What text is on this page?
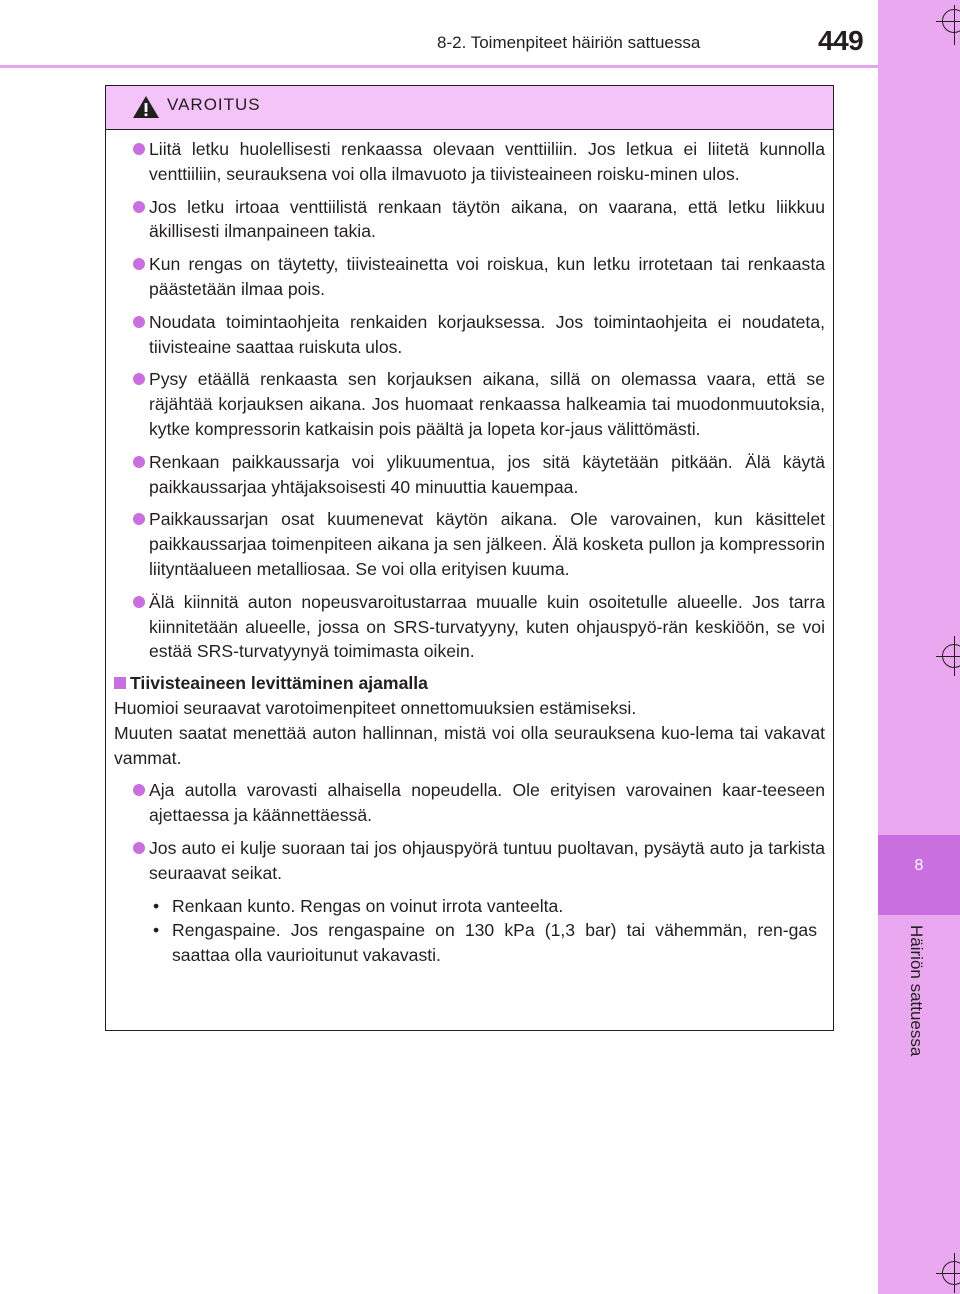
8
Häiriön sattuessa
8-2. Toimenpiteet häiriön sattuessa	449
VAROITUS
Liitä letku huolellisesti renkaassa olevaan venttiiliin. Jos letkua ei liitetä kunnolla venttiiliin, seurauksena voi olla ilmavuoto ja tiivisteaineen roisku-minen ulos.
Jos letku irtoaa venttiilistä renkaan täytön aikana, on vaarana, että letku liikkuu äkillisesti ilmanpaineen takia.
Kun rengas on täytetty, tiivisteainetta voi roiskua, kun letku irrotetaan tai renkaasta päästetään ilmaa pois.
Noudata toimintaohjeita renkaiden korjauksessa. Jos toimintaohjeita ei noudateta, tiivisteaine saattaa ruiskuta ulos.
Pysy etäällä renkaasta sen korjauksen aikana, sillä on olemassa vaara, että se räjähtää korjauksen aikana. Jos huomaat renkaassa halkeamia tai muodonmuutoksia, kytke kompressorin katkaisin pois päältä ja lopeta kor-jaus välittömästi.
Renkaan paikkaussarja voi ylikuumentua, jos sitä käytetään pitkään. Älä käytä paikkaussarjaa yhtäjaksoisesti 40 minuuttia kauempaa.
Paikkaussarjan osat kuumenevat käytön aikana. Ole varovainen, kun käsittelet paikkaussarjaa toimenpiteen aikana ja sen jälkeen. Älä kosketa pullon ja kompressorin liityntäalueen metalliosaa. Se voi olla erityisen kuuma.
Älä kiinnitä auton nopeusvaroitustarraa muualle kuin osoitetulle alueelle. Jos tarra kiinnitetään alueelle, jossa on SRS-turvatyyny, kuten ohjauspyö-rän keskiöön, se voi estää SRS-turvatyynyä toimimasta oikein.
Tiivisteaineen levittäminen ajamalla
Huomioi seuraavat varotoimenpiteet onnettomuuksien estämiseksi.
Muuten saatat menettää auton hallinnan, mistä voi olla seurauksena kuo-lema tai vakavat vammat.
Aja autolla varovasti alhaisella nopeudella. Ole erityisen varovainen kaar-teeseen ajettaessa ja käännettäessä.
Jos auto ei kulje suoraan tai jos ohjauspyörä tuntuu puoltavan, pysäytä auto ja tarkista seuraavat seikat.
• Renkaan kunto. Rengas on voinut irrota vanteelta.
• Rengaspaine. Jos rengaspaine on 130 kPa (1,3 bar) tai vähemmän, ren-gas saattaa olla vaurioitunut vakavasti.
